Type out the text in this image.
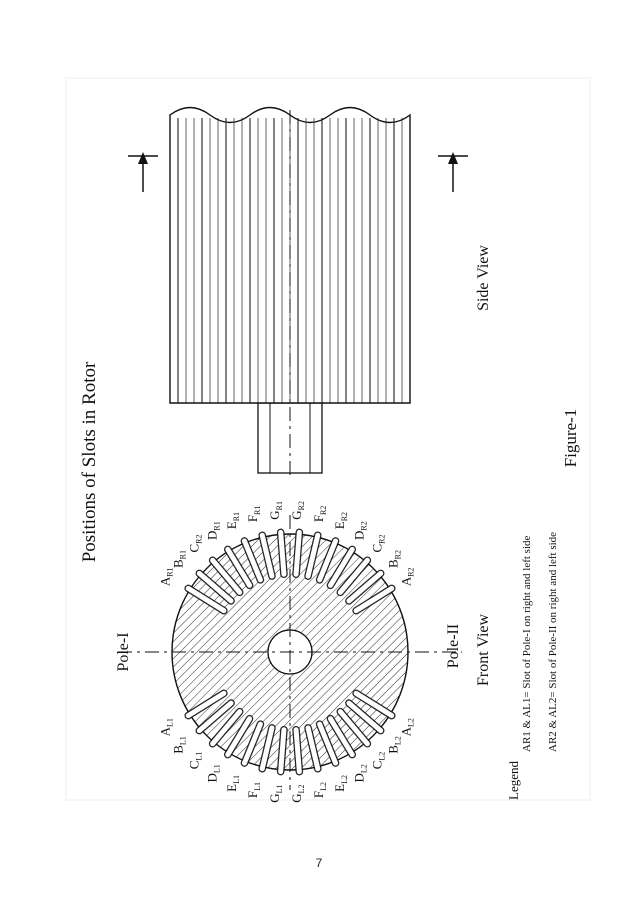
$A_{R1}$
$B_{R1}$
$C_{R2}$ $D_{R1}$ $E_{R1}$ $F_{R1}$
$G_{R1}$
$G_{R2}$
$F_{R2}$
$E_{R2}$
$D_{R2}$
$C_{R2}$
$B_{R2}$
$A_{R2}$
$A_{L1}$
$B_{L1}$
$C_{L1}$
$D_{L1}$
$E_{L1}$
$F_{L1}$
$G_{L1}$
$G_{L2}$
$F_{L2}$ $E_{L2}$ $D_{L2}$ $C_{L2}$
$B_{L2}$
$A_{L2}$
Positions of Slots in Rotor
Pole-I	Pole-II Front View
Side View
Figure-1
Legend
AR1 & AL1= Slot of Pole-I on right and left side AR2 & AL2= Slot of Pole-II on right and left side
7
